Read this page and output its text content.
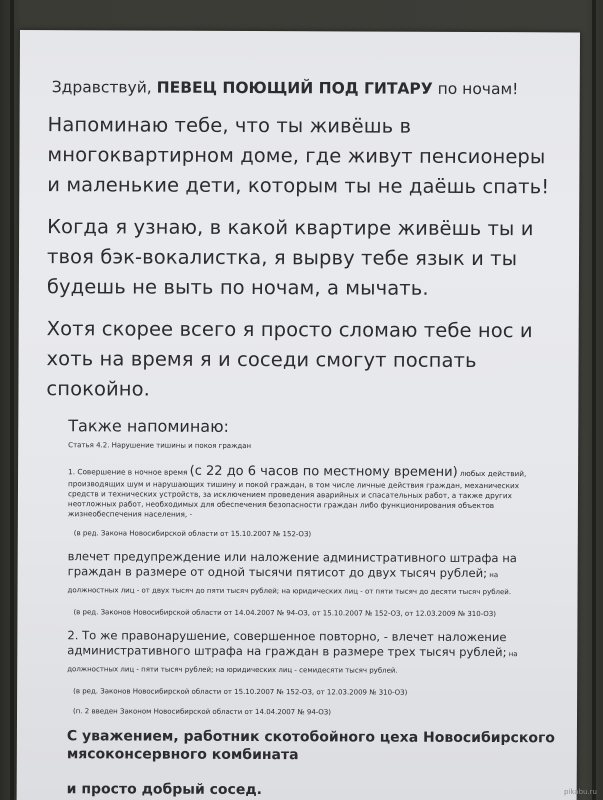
Здравствуй, ПЕВЕЦ ПОЮЩИЙ ПОД ГИТАРУ по ночам!

Напоминаю тебе, что ты живёшь в многоквартирном доме, где живут пенсионеры и маленькие дети, которым ты не даёшь спать!

Когда я узнаю, в какой квартире живёшь ты и твоя бэк-вокалистка, я вырву тебе язык и ты будешь не выть по ночам, а мычать.

Хотя скорее всего я просто сломаю тебе нос и хоть на время я и соседи смогут поспать спокойно.

Также напоминаю:
Статья 4.2. Нарушение тишины и покоя граждан

1. Совершение в ночное время (с 22 до 6 часов по местному времени) любых действий, производящих шум и нарушающих тишину и покой граждан, в том числе личные действия граждан, механических средств и технических устройств, за исключением проведения аварийных и спасательных работ, а также других неотложных работ, необходимых для обеспечения безопасности граждан либо функционирования объектов жизнеобеспечения населения, -

(в ред. Закона Новосибирской области от 15.10.2007 № 152-ОЗ)

влечет предупреждение или наложение административного штрафа на граждан в размере от одной тысячи пятисот до двух тысяч рублей; на должностных лиц - от двух тысяч до пяти тысяч рублей; на юридических лиц - от пяти тысяч до десяти тысяч рублей.

(в ред. Законов Новосибирской области от 14.04.2007 № 94-ОЗ, от 15.10.2007 № 152-ОЗ, от 12.03.2009 № 310-ОЗ)

2. То же правонарушение, совершенное повторно, - влечет наложение административного штрафа на граждан в размере трех тысяч рублей; на должностных лиц - пяти тысяч рублей; на юридических лиц - семидесяти тысяч рублей.

(в ред. Законов Новосибирской области от 15.10.2007 № 152-ОЗ, от 12.03.2009 № 310-ОЗ)
(п. 2 введен Законом Новосибирской области от 14.04.2007 № 94-ОЗ)
С уважением, работник скотобойного цеха Новосибирского мясоконсервного комбината
и просто добрый сосед.	pikabu.ru
